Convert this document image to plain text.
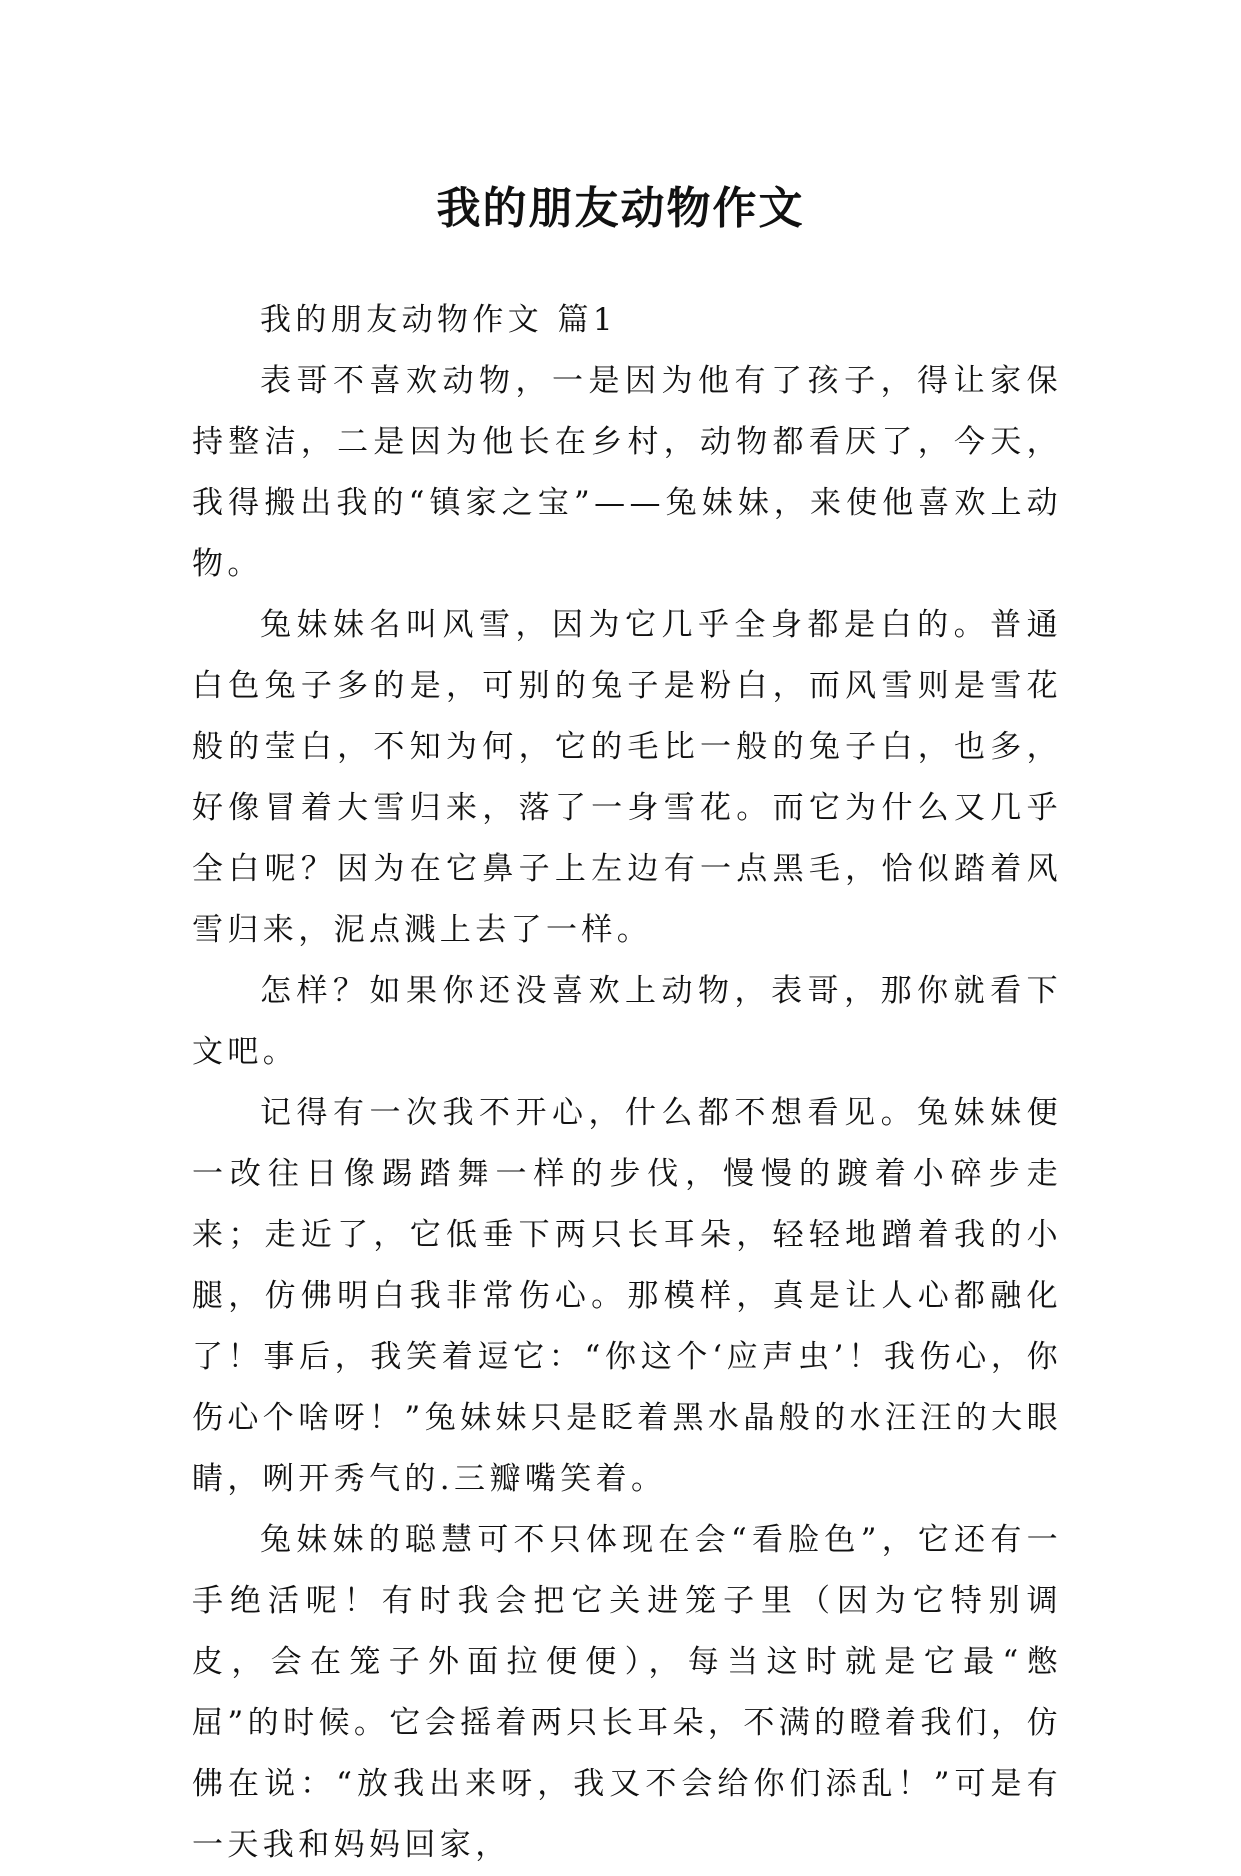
我的朋友动物作文

我的朋友动物作文 篇1

表哥不喜欢动物，一是因为他有了孩子，得让家保持整洁，二是因为他长在乡村，动物都看厌了，今天，我得搬出我的“镇家之宝”——兔妹妹，来使他喜欢上动物。

兔妹妹名叫风雪，因为它几乎全身都是白的。普通白色兔子多的是，可别的兔子是粉白，而风雪则是雪花般的莹白，不知为何，它的毛比一般的兔子白，也多，好像冒着大雪归来，落了一身雪花。而它为什么又几乎全白呢？因为在它鼻子上左边有一点黑毛，恰似踏着风雪归来，泥点溅上去了一样。

怎样？如果你还没喜欢上动物，表哥，那你就看下文吧。

记得有一次我不开心，什么都不想看见。兔妹妹便一改往日像踢踏舞一样的步伐，慢慢的踱着小碎步走来；走近了，它低垂下两只长耳朵，轻轻地蹭着我的小腿，仿佛明白我非常伤心。那模样，真是让人心都融化了！事后，我笑着逗它：“你这个‘应声虫’！我伤心，你伤心个啥呀！”兔妹妹只是眨着黑水晶般的水汪汪的大眼睛，咧开秀气的.三瓣嘴笑着。

兔妹妹的聪慧可不只体现在会“看脸色”，它还有一手绝活呢！有时我会把它关进笼子里（因为它特别调皮，会在笼子外面拉便便），每当这时就是它最“憋屈”的时候。它会摇着两只长耳朵，不满的瞪着我们，仿佛在说：“放我出来呀，我又不会给你们添乱！”可是有一天我和妈妈回家，
